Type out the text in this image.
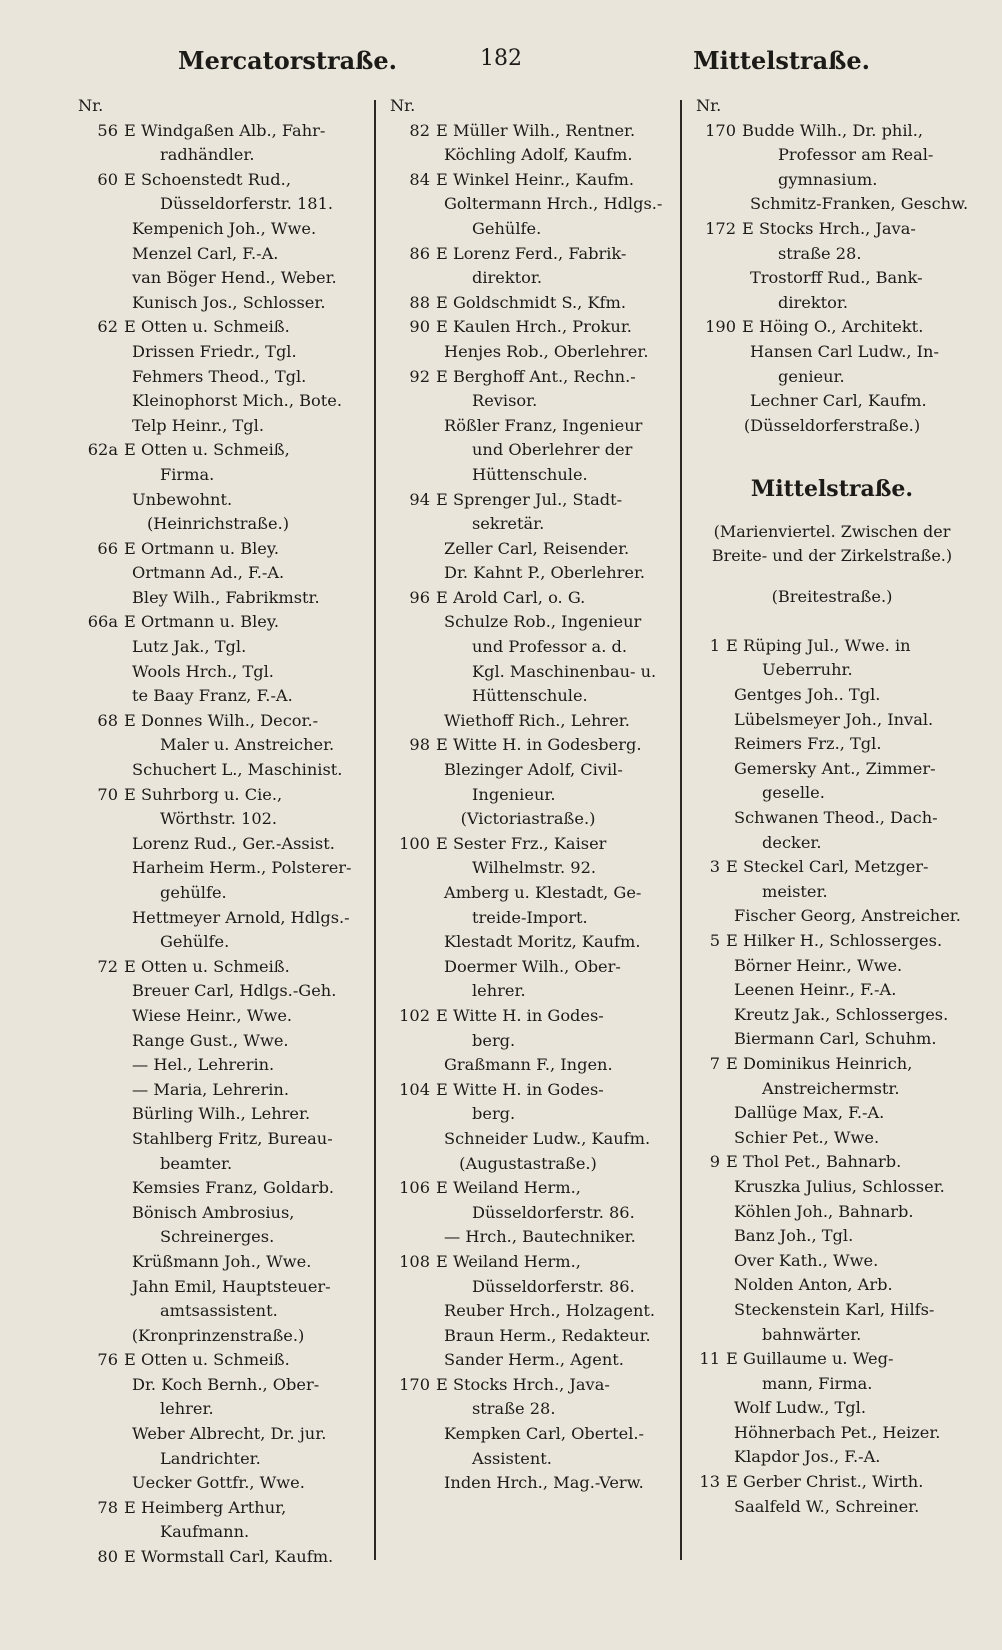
Mercatorstraße.	182	Mittelstraße.
Nr.
56 E Windgaßen Alb., Fahr-
radhändler.
60 E Schoenstedt Rud.,
Düsseldorferstr. 181.
Kempenich Joh., Wwe.
Menzel Carl, F.-A.
van Böger Hend., Weber.
Kunisch Jos., Schlosser.
62 E Otten u. Schmeiß.
Drissen Friedr., Tgl.
Fehmers Theod., Tgl.
Kleinophorst Mich., Bote.
Telp Heinr., Tgl.
62a E Otten u. Schmeiß,
Firma.
Unbewohnt.
(Heinrichstraße.)
66 E Ortmann u. Bley.
Ortmann Ad., F.-A.
Bley Wilh., Fabrikmstr.
66a E Ortmann u. Bley.
Lutz Jak., Tgl.
Wools Hrch., Tgl.
te Baay Franz, F.-A.
68 E Donnes Wilh., Decor.-
Maler u. Anstreicher.
Schuchert L., Maschinist.
70 E Suhrborg u. Cie.,
Wörthstr. 102.
Lorenz Rud., Ger.-Assist.
Harheim Herm., Polsterer-
gehülfe.
Hettmeyer Arnold, Hdlgs.-
Gehülfe.
72 E Otten u. Schmeiß.
Breuer Carl, Hdlgs.-Geh.
Wiese Heinr., Wwe.
Range Gust., Wwe.
— Hel., Lehrerin.
— Maria, Lehrerin.
Bürling Wilh., Lehrer.
Stahlberg Fritz, Bureau-
beamter.
Kemsies Franz, Goldarb.
Bönisch Ambrosius,
Schreinerges.
Krüßmann Joh., Wwe.
Jahn Emil, Hauptsteuer-
amtsassistent.
(Kronprinzenstraße.)
76 E Otten u. Schmeiß.
Dr. Koch Bernh., Ober-
lehrer.
Weber Albrecht, Dr. jur.
Landrichter.
Uecker Gottfr., Wwe.
78 E Heimberg Arthur,
Kaufmann.
80 E Wormstall Carl, Kaufm.
Nr.
82 E Müller Wilh., Rentner.
Köchling Adolf, Kaufm.
84 E Winkel Heinr., Kaufm.
Goltermann Hrch., Hdlgs.-
Gehülfe.
86 E Lorenz Ferd., Fabrik-
direktor.
88 E Goldschmidt S., Kfm.
90 E Kaulen Hrch., Prokur.
Henjes Rob., Oberlehrer.
92 E Berghoff Ant., Rechn.-
Revisor.
Rößler Franz, Ingenieur
und Oberlehrer der
Hüttenschule.
94 E Sprenger Jul., Stadt-
sekretär.
Zeller Carl, Reisender.
Dr. Kahnt P., Oberlehrer.
96 E Arold Carl, o. G.
Schulze Rob., Ingenieur
und Professor a. d.
Kgl. Maschinenbau- u.
Hüttenschule.
Wiethoff Rich., Lehrer.
98 E Witte H. in Godesberg.
Blezinger Adolf, Civil-
Ingenieur.
(Victoriastraße.)
100 E Sester Frz., Kaiser
Wilhelmstr. 92.
Amberg u. Klestadt, Ge-
treide-Import.
Klestadt Moritz, Kaufm.
Doermer Wilh., Ober-
lehrer.
102 E Witte H. in Godes-
berg.
Graßmann F., Ingen.
104 E Witte H. in Godes-
berg.
Schneider Ludw., Kaufm.
(Augustastraße.)
106 E Weiland Herm.,
Düsseldorferstr. 86.
— Hrch., Bautechniker.
108 E Weiland Herm.,
Düsseldorferstr. 86.
Reuber Hrch., Holzagent.
Braun Herm., Redakteur.
Sander Herm., Agent.
170 E Stocks Hrch., Java-
straße 28.
Kempken Carl, Obertel.-
Assistent.
Inden Hrch., Mag.-Verw.
Nr.
170 Budde Wilh., Dr. phil.,
Professor am Real-
gymnasium.
Schmitz-Franken, Geschw.
172 E Stocks Hrch., Java-
straße 28.
Trostorff Rud., Bank-
direktor.
190 E Höing O., Architekt.
Hansen Carl Ludw., In-
genieur.
Lechner Carl, Kaufm.
(Düsseldorferstraße.)
Mittelstraße.
(Marienviertel. Zwischen der Breite- und der Zirkelstraße.)
(Breitestraße.)
1 E Rüping Jul., Wwe. in
Ueberruhr.
Gentges Joh.. Tgl.
Lübelsmeyer Joh., Inval.
Reimers Frz., Tgl.
Gemersky Ant., Zimmer-
geselle.
Schwanen Theod., Dach-
decker.
3 E Steckel Carl, Metzger-
meister.
Fischer Georg, Anstreicher.
5 E Hilker H., Schlosserges.
Börner Heinr., Wwe.
Leenen Heinr., F.-A.
Kreutz Jak., Schlosserges.
Biermann Carl, Schuhm.
7 E Dominikus Heinrich,
Anstreichermstr.
Dallüge Max, F.-A.
Schier Pet., Wwe.
9 E Thol Pet., Bahnarb.
Kruszka Julius, Schlosser.
Köhlen Joh., Bahnarb.
Banz Joh., Tgl.
Over Kath., Wwe.
Nolden Anton, Arb.
Steckenstein Karl, Hilfs-
bahnwärter.
11 E Guillaume u. Weg-
mann, Firma.
Wolf Ludw., Tgl.
Höhnerbach Pet., Heizer.
Klapdor Jos., F.-A.
13 E Gerber Christ., Wirth.
Saalfeld W., Schreiner.
